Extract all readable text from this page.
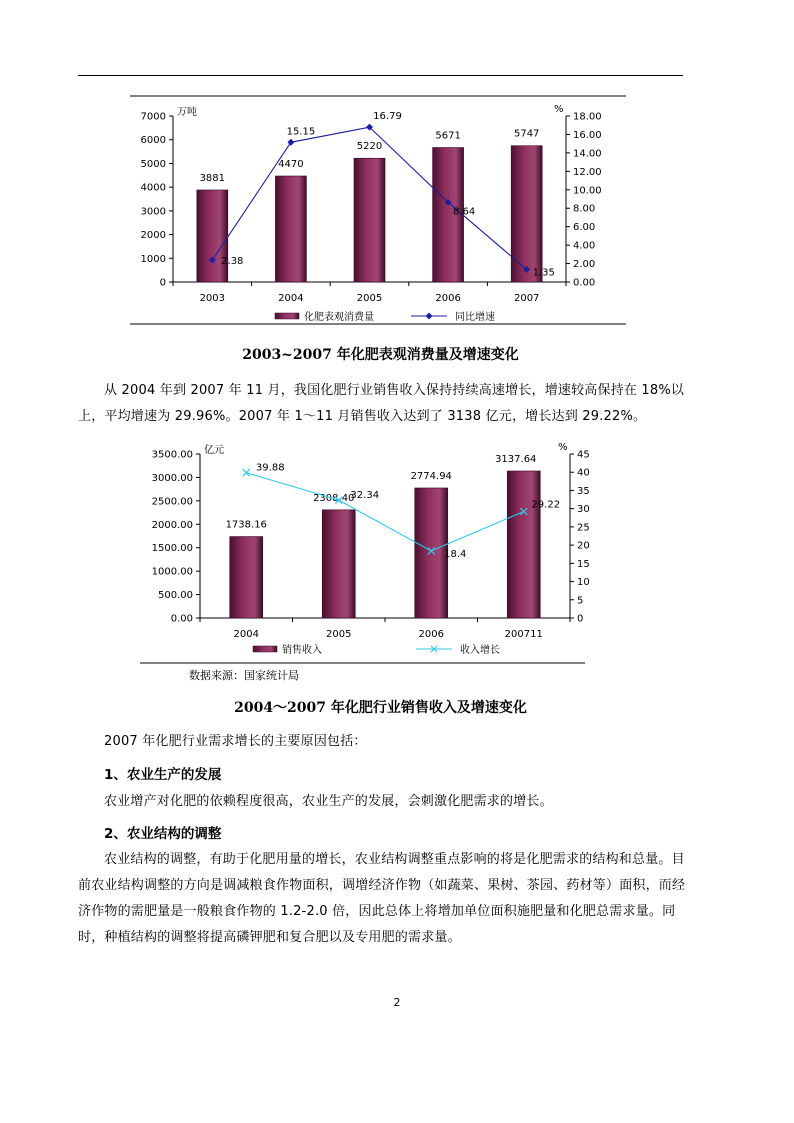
0
1000
2000
3000
4000
5000
6000
7000
0.00
2.00
4.00
6.00
8.00
10.00
12.00
14.00
16.00
18.00
万吨	%
2003	2004	2005	2006	2007
3881
4470
5220
5671	5747
2.38
15.15
16.79
8.64
1.35
化肥表观消费量	同比增速
2003~2007 年化肥表观消费量及增速变化

从 2004 年到 2007 年 11 月，我国化肥行业销售收入保持持续高速增长，增速较高保持在 18%以上，平均增速为 29.96%。2007 年 1～11 月销售收入达到了 3138 亿元，增长达到 29.22%。

0.00
500.00
1000.00
1500.00
2000.00
2500.00
3000.00
3500.00
0
5
10
15
20
25
30
35
40
45
亿元	%
2004	2005	2006	200711
1738.16
2308.40
2774.94
3137.64
39.88
32.34
18.4
29.22
销售收入	收入增长
数据来源：国家统计局
2004～2007 年化肥行业销售收入及增速变化

2007 年化肥行业需求增长的主要原因包括：

1、农业生产的发展

农业增产对化肥的依赖程度很高，农业生产的发展，会刺激化肥需求的增长。

2、农业结构的调整

农业结构的调整，有助于化肥用量的增长，农业结构调整重点影响的将是化肥需求的结构和总量。目前农业结构调整的方向是调减粮食作物面积，调增经济作物（如蔬菜、果树、茶园、药材等）面积，而经济作物的需肥量是一般粮食作物的 1.2-2.0 倍，因此总体上将增加单位面积施肥量和化肥总需求量。同时，种植结构的调整将提高磷钾肥和复合肥以及专用肥的需求量。

2
